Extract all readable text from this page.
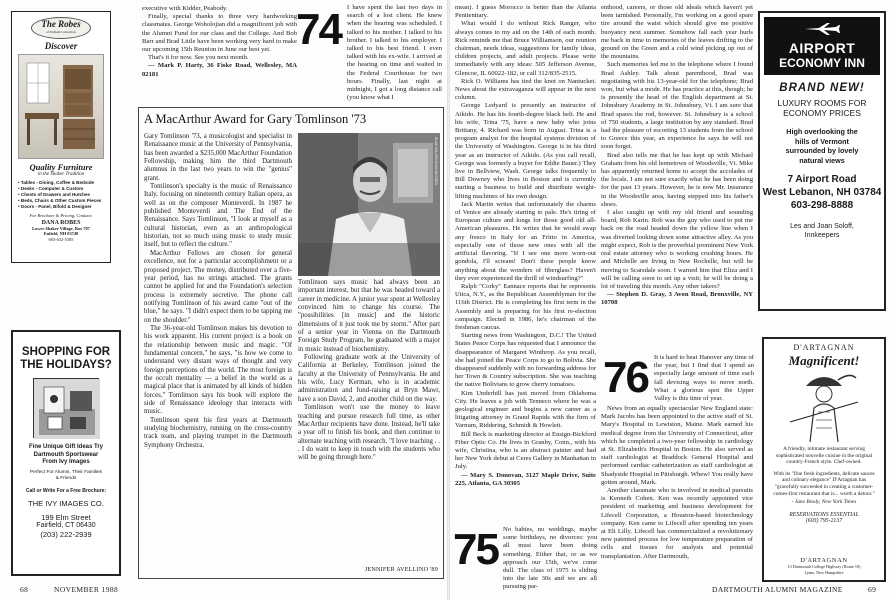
The Robes
of Enfield Collection
Discover
Quality Furniture
in the Shaker Tradition
• Tables - Dining, Coffee & Bedside
• Desks - Computer & Custom
• Chests of Drawers and Hutches
• Beds, Chairs & Other Custom Pieces
• Doors - Panel, Bifold & Designer
For Brochure & Pricing, Contact:
DANA ROBES
Lower Shaker Village, Box 707
Enfield, NH 03748
603-632-5385
SHOPPING FOR THE HOLIDAYS?
Fine Unique Gift Ideas Try
Dartmouth Sportswear
From Ivy Images
Perfect For Alumni, Their Families
& Friends
Call or Write For a Free Brochure:
THE IVY IMAGES CO.
199 Elm Street
Fairfield, CT 06430
(203) 222-2939

executive with Kidder, Peabody.

Finally, special thanks to three very hardworking classmates. George Woholojian did a magnificent job with the Alumni Fund for our class and the College. And Bob Barr and Brad Little have been working very hard to make our upcoming 15th Reunion in June our best yet.

That's it for now. See you next month.

— Mark P. Harty, 36 Fiske Road, Wellesley, MA 02181

A MacArthur Award for Gary Tomlinson '73

Gary Tomlinson '73, a musicologist and specialist in Renaissance music at the University of Pennsylvania, has been awarded a $235,000 MacArthur Foundation Fellowship, making him the third Dartmouth alumnus in the last two years to win the "genius" grant.

Tomlinson's specialty is the music of Renaissance Italy, focusing on nineteenth century Italian opera, as well as on the composer Monteverdi. In 1987 he published Monteverdi and The End of the Renaissance. Says Tomlinson, "I look at myself as a cultural historian, even as an anthropological historian, not so much using music to study music itself, but to reflect the culture."

MacArthur Fellows are chosen for general excellence, not for a particular accomplishment or a proposed project. The money, distributed over a five-year period, has no strings attached. The grants cannot be applied for and the Foundation's selection process is extremely secretive. The phone call notifying Tomlinson of his award came "out of the blue," he says. "I didn't expect them to be tapping me on the shoulder."

The 36-year-old Tomlinson makes his devotion to his work apparent. His current project is a book on the relationship between music and magic. "Of fundamental concern," he says, "is how we come to understand very distant ways of thought and very foreign perceptions of the world. The most foreign is the occult mentality — a belief in the world as a magical place that is animated by all kinds of hidden forces." Tomlinson says his book will explore the side of Renaissance ideology that interacts with music.

Tomlinson spent his first years at Dartmouth studying biochemistry, running on the cross-country track team, and playing trumpet in the Dartmouth Symphony Orchestra.

ALAN MILLER/GUARANTEED

Tomlinson says music had always been an important interest, but that he was headed toward a career in medicine. A junior year spent at Wellesley convinced him to change his course. The "possibilities [in music] and the historic dimensions of it just took me by storm." After part of a senior year in Vienna on the Dartmouth Foreign Study Program, he graduated with a major in music instead of biochemistry.

Following graduate work at the University of California at Berkeley, Tomlinson joined the faculty at the University of Pennsylvania. He and his wife, Lucy Kerman, who is in academic administration and fund-raising at Bryn Mawr, have a son David, 2, and another child on the way.

Tomlinson won't use the money to leave teaching and pursue research full time, as other MacArthur recipients have done. Instead, he'll take a year off to finish his book, and then continue to alternate teaching with research. "I love teaching . . . I do want to keep in touch with the students who will be going through here."

JENNIFER AVELLINO '89
74 I have spent the last two days in search of a lost client. He knew when the hearing was scheduled. I talked to his mother. I talked to his brother. I talked to his employer. I talked to his best friend. I even talked with his ex-wife. I arrived at the hearing on time and waited in the Federal Courthouse for two hours. Finally, last night at midnight, I got a long distance call (you know what I

mean). I guess Morocco is better than the Atlanta Penitentiary.

What would I do without Rick Ranger, who always comes to my aid on the 14th of each month. Rick reminds me that Bruce Williamson, our reunion chairman, needs ideas, suggestions for family ideas, children projects, and adult projects. Please write immediately with any ideas: 505 Jefferson Avenue, Glencoe, IL 60022-182, or call 312/835-2515.

Rick O. Williams has tied the knot on Nantucket. News about the extravaganza will appear in the next column.

George Ledyard is presently an instructor of Aikido. He has his fourth-degree black belt. He and his wife, Trina '75, have a new baby who joins Brittany, 4. Richard was born in August. Trina is a program analyst for the hospital systems division of the University of Washington. George is in his third year as an instructor of Aikido. (As you call recall, George was formerly a buyer for Eddie Bauer.) They live in Bellview, Wash. George talks frequently to Bill Downey who lives in Boston and is currently starting a business to build and distribute weight-lifting machines of his own design.

Jack Martin writes that unfortunately the charms of Venice are already starting to pale. He's tiring of European culture and longs for those good old all-American pleasures. He writes that he would swap any fresco in Italy for an Fritto in America, especially one of those new ones with all the artificial flavoring. "If I see one more worn-out gondola, I'll scream! Don't these people know anything about the wonders of fiberglass? Haven't they ever experienced the thrill of windsurfing?"

Ralph "Corky" Eannace reports that he represents Utica, N.Y., as the Republican Assemblyman for the 116th District. He is completing his first term in the Assembly and is preparing for his first re-election campaign. Elected in 1986, he's chairman of the freshman caucus.

Starting news from Washington, D.C.! The United States Peace Corps has requested that I announce the disappearance of Margaret Winthrop. As you recall, she had joined the Peace Corps to go to Bolivia. She disappeared suddenly with no forwarding address for her Town & Country subscription. She was teaching the native Bolivians to grow cherry tomatoes.

Kim Underhill has just moved from Oklahoma City. He leaves a job with Tenneco where he was a geological engineer and begins a new career as a litigating attorney in Grand Rapids with the firm of Varnum, Riddering, Schmidt & Howlett.

Bill Beck is marketing director at Ensign-Bickford Fiber Optic Co. He lives in Granby, Conn., with his wife, Christina, who is an abstract painter and had her New York debut at Ceres Gallery in Manhattan in July.

— Mary S. Donovan, 3127 Maple Drive, Suite 225, Atlanta, GA 30305

75 No babies, no weddings, maybe some birthdays, no divorces: you all must have been doing something. Either that, or as we approach our 15th, we've come dull. The class of 1975 is sliding into the late 30s and we are all pursuing par-

enthood, careers, or those old ideals which haven't yet been tarnished. Personally, I'm working on a good spare tire around the waist which should give me positive buoyancy next summer. Somehow fall each year hurls me back in time to memories of the leaves drifting to the ground on the Green and a cold wind picking up out of the mountains.

Such memories led me to the telephone where I found Brad Ashley. Talk about parenthood, Brad was negotiating with his 13-year-old for the telephone; Brad won, but what a mode. He has practice at this, though; he is presently the head of the English department at St. Johnsbury Academy in St. Johnsbury, Vt. I am sure that Brad spares the rod, however. St. Johnsbury is a school of 750 students, a large institution by any standard. Brad had the pleasure of escorting 13 students from the school to Greece this year, an experience he says he will not soon forget.

Brad also tells me that he has kept up with Michael Graham from his old hometown of Woodsville, Vt. Mike has apparently returned home to accept the accolades of the locals. I am not sure exactly what he has been doing for the past 13 years. However, he is now Mr. Insurance in the Woodsville area, having stepped into his father's shoes.

I also caught up with my old friend and sounding board, Rob Karin. Rob was the guy who used to put me back on the road headed down the yellow line when I was diverted looking down some attractive alley. As you might expect, Rob is the proverbial prominent New York real estate attorney who is working crushing hours. He and Michelle are living in New Rochelle, but will be moving to Scarsdale soon. I warned him that Eliza and I will be calling soon to set up a visit; he will be doing a lot of traveling this month. Any other takers?

— Stephen D. Gray, 3 Avon Road, Bronxville, NY 10708

76 It is hard to beat Hanover any time of the year, but I find that I spend an especially large amount of time each fall devising ways to move north. What a glorious spot the Upper Valley is this time of year.

News from an equally spectacular New England state: Mark Jacobs has been appointed to the active staff of St. Mary's Hospital in Lewiston, Maine. Mark earned his medical degree from the University of Connecticut, after which he completed a two-year fellowship in cardiology at St. Elizabeth's Hospital in Boston. He also served as staff cardiologist at Braddock General Hospital and performed cardiac catheterization as staff cardiologist at Shadyside Hospital in Pittsburgh. Whew! You really have gotten around, Mark.

Another classmate who is involved in medical pursuits is Kenneth Cohen. Ken was recently appointed vice president of marketing and business development for Lifecell Corporation, a Houston-based biotechnology company. Ken came to Lifecell after spending ten years at Eli Lilly. Lifecell has commercialized a revolutionary new patented process for low temperature preparation of cells and tissues for analysis and potential transplantation. After Dartmouth,

AIRPORT
ECONOMY INN
BRAND NEW!
LUXURY ROOMS FOR
ECONOMY PRICES
High overlooking the
hills of Vermont
surrounded by lovely
natural views
7 Airport Road
West Lebanon, NH 03784
603-298-8888
Les and Joan Soloff,
Innkeepers
D'ARTAGNAN
Magnificent!
A friendly, intimate restaurant serving sophisticated nouvelle cuisine in the original country-French style. Chef-owned.
With its "fine fresh ingredients, delicate sauces and culinary elegance" D'Artagnan has "gracefully succeeded in creating a customer-comes-first restaurant that is... worth a detour."
- Jane Brody, New York Times
RESERVATIONS ESSENTIAL
(603) 795-2137
D'ARTAGNAN
13 Dartmouth College Highway (Route 10)
Lyme, New Hampshire
68	NOVEMBER 1988	DARTMOUTH ALUMNI MAGAZINE	69
